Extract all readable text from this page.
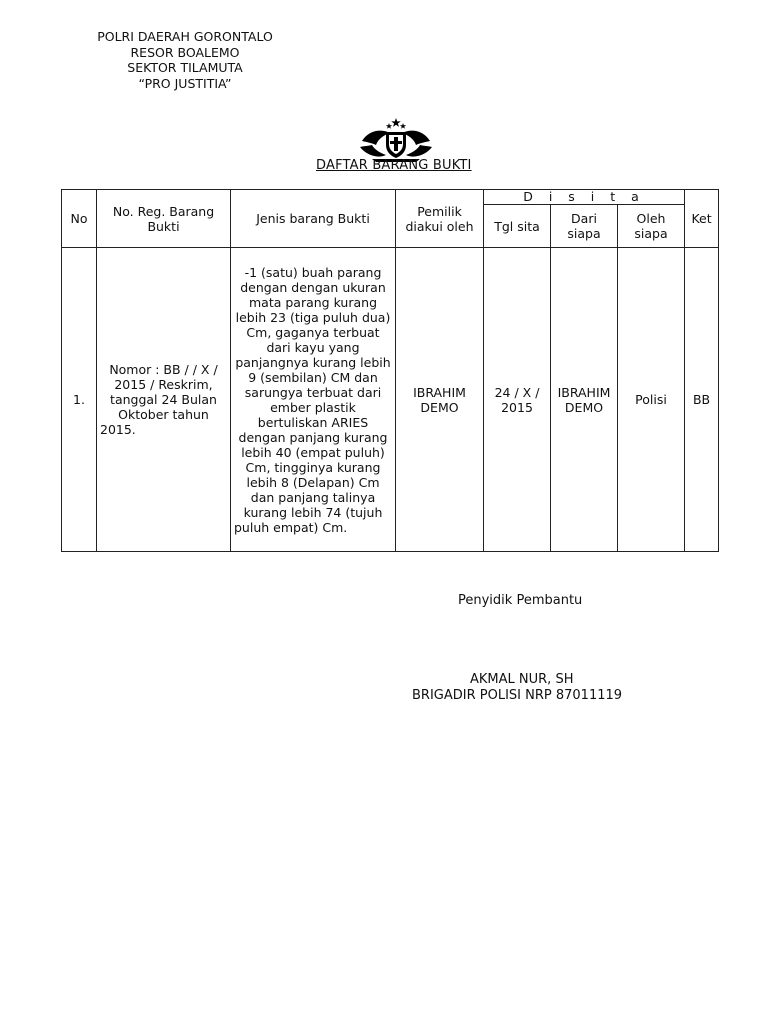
POLRI DAERAH GORONTALO
RESOR BOALEMO
SEKTOR TILAMUTA
“PRO JUSTITIA”
DAFTAR BARANG BUKTI
No	No. Reg. Barang Bukti	Jenis barang Bukti	Pemilik diakui oleh	D i s i t a			Ket
				Tgl sita	Dari siapa	Oleh siapa	
1.	Nomor : BB / / X / 2015 / Reskrim, tanggal 24 Bulan Oktober tahun 2015.	-1 (satu) buah parang dengan dengan ukuran mata parang kurang lebih 23 (tiga puluh dua) Cm, gaganya terbuat dari kayu yang panjangnya kurang lebih 9 (sembilan) CM dan sarungya terbuat dari ember plastik bertuliskan ARIES dengan panjang kurang lebih 40 (empat puluh) Cm, tingginya kurang lebih 8 (Delapan) Cm dan panjang talinya kurang lebih 74 (tujuh puluh empat) Cm.	IBRAHIM DEMO	24 / X / 2015	IBRAHIM DEMO	Polisi	BB
Penyidik Pembantu
AKMAL NUR, SH
BRIGADIR POLISI NRP 87011119
